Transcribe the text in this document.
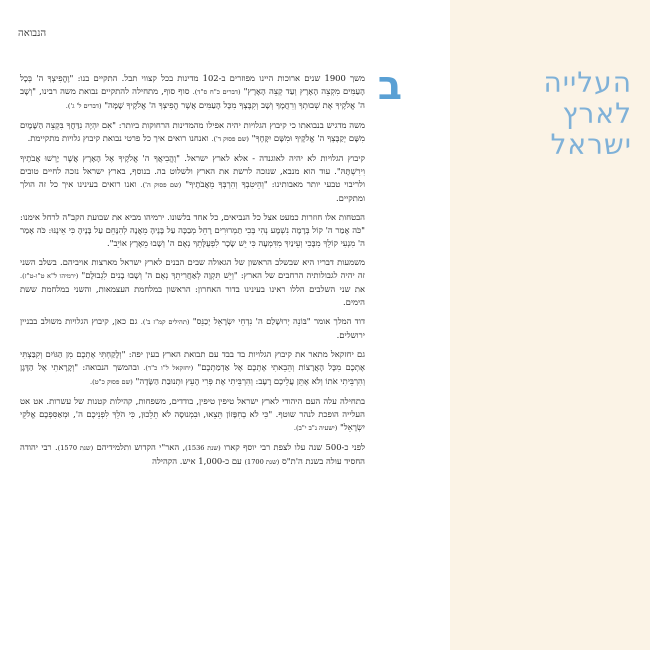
הנבואה

ב
משך 1900 שנים ארוכות היינו מפוזרים ב-102 מדינות בכל קצווי תבל. התקיים בנו: "וֶהֱפִיצְךָ ה' בְּכָל הָעַמִּים מִקְצֵה הָאָרֶץ וְעַד קְצֵה הָאָרֶץ" (דברים כ"ח ס"ד). סוף סוף, מתחילה להתקיים נבואת משה רבינו, "וְשָׁב ה' אֱלֹקֶיךָ אֶת שְׁבוּתְךָ וְרִחֲמֶךָ וְשָׁב וְקִבֶּצְךָ מִכָּל הָעַמִּים אֲשֶׁר הֱפִיצְךָ ה' אֱלֹקֶיךָ שָׁמָּה" (דברים ל' ג').

משה מדגיש בנבואתו כי קיבוץ הגלויות יהיה אפילו מהמדינות הרחוקות ביותר: "אִם יִהְיֶה נִדַּחֲךָ בִּקְצֵה הַשָּׁמָיִם מִשָּׁם יְקַבֶּצְךָ ה' אֱלֹקֶיךָ וּמִשָּׁם יִקָּחֶךָ" (שם פסוק ד'). ואנחנו רואים איך כל פרטי נבואת קיבוץ גלויות מתקיימת.

קיבוץ הגלויות לא יהיה לאוגנדה - אלא לארץ ישראל. "וֶהֱבִיאֲךָ ה' אֱלֹקֶיךָ אֶל הָאָרֶץ אֲשֶׁר יָרְשׁוּ אֲבֹתֶיךָ וִירִשְׁתָּהּ". עוד הוא מנבא, שנזכה לרשת את הארץ ולשלוט בה. בנוסף, בארץ ישראל נזכה לחיים טובים ולריבוי טבעי יותר מאבותינו: "וְהֵיטִבְךָ וְהִרְבְּךָ מֵאֲבֹתֶיךָ" (שם פסוק ה'). ואנו רואים בעינינו איך כל זה הולך ומתקיים.

הבטחות אלו חוזרות כמעט אצל כל הנביאים, כל אחד בלשונו. ירמיהו מביא את שבועת הקב"ה לרחל אימנו: "כֹּה אָמַר ה' קוֹל בְּרָמָה נִשְׁמָע נְהִי בְּכִי תַמְרוּרִים רָחֵל מְבַכָּה עַל בָּנֶיהָ מֵאֲנָה לְהִנָּחֵם עַל בָּנֶיהָ כִּי אֵינֶנּוּ: כֹּה אָמַר ה' מִנְעִי קוֹלֵךְ מִבֶּכִי וְעֵינַיִךְ מִדִּמְעָה כִּי יֵשׁ שָׂכָר לִפְעֻלָּתֵךְ נְאֻם ה' וְשָׁבוּ מֵאֶרֶץ אוֹיֵב".

משמעות דבריו היא שבשלב הראשון של הגאולה שבים הבנים לארץ ישראל מארצות אויביהם. בשלב השני זה יהיה לגבולותיה הרחבים של הארץ: "וְיֵשׁ תִּקְוָה לְאַחֲרִיתֵךְ נְאֻם ה' וְשָׁבוּ בָנִים לִגְבוּלָם" (ירמיהו ל"א ט"ו-ט"ז). את שני השלבים הללו ראינו בעינינו בדור האחרון: הראשון במלחמת העצמאות, והשני במלחמת ששת הימים.

דוד המלך אומר "בּוֹנֵה יְרוּשָׁלַם ה' נִדְחֵי יִשְׂרָאֵל יְכַנֵּס" (תהילים קמ"ז ב'). גם כאן, קיבוץ הגלויות משולב בבניין ירושלים.

גם יחזקאל מתאר את קיבוץ הגלויות בד בבד עם תבואת הארץ בעין יפה: "וְלָקַחְתִּי אֶתְכֶם מִן הַגּוֹיִם וְקִבַּצְתִּי אֶתְכֶם מִכָּל הָאֲרָצוֹת וְהֵבֵאתִי אֶתְכֶם אֶל אַדְמַתְכֶם" (יחזקאל ל"ו כ"ד). ובהמשך הנבואה: "וְקָרָאתִי אֶל הַדָּגָן וְהִרְבֵּיתִי אֹתוֹ וְלֹא אֶתֵּן עֲלֵיכֶם רָעָב: וְהִרְבֵּיתִי אֶת פְּרִי הָעֵץ וּתְנוּבַת הַשָּׂדֶה" (שם פסוק כ"ט).

בתחילה עלה העם היהודי לארץ ישראל טיפין טיפין, בודדים, משפחות, קהילות קטנות של עשרות. אט אט העלייה הופכת לנהר שוטף. "כִּי לֹא בְחִפָּזוֹן תֵּצֵאוּ, וּבִמְנוּסָה לֹא תֵלֵכוּן, כִּי הֹלֵךְ לִפְנֵיכֶם ה', וּמְאַסִּפְכֶם אֱלֹקֵי יִשְׂרָאֵל" (ישעיה נ"ב י"ב).

לפני כ-500 שנה עלו לצפת רבי יוסף קארו (שנת 1536), האר"י הקדוש ותלמידיהם (שנת 1570). רבי יהודה החסיד עולה בשנת ה'ת"ס (שנת 1700) עם כ-1,000 איש. הקהילה

העלייה
לארץ
ישראל
